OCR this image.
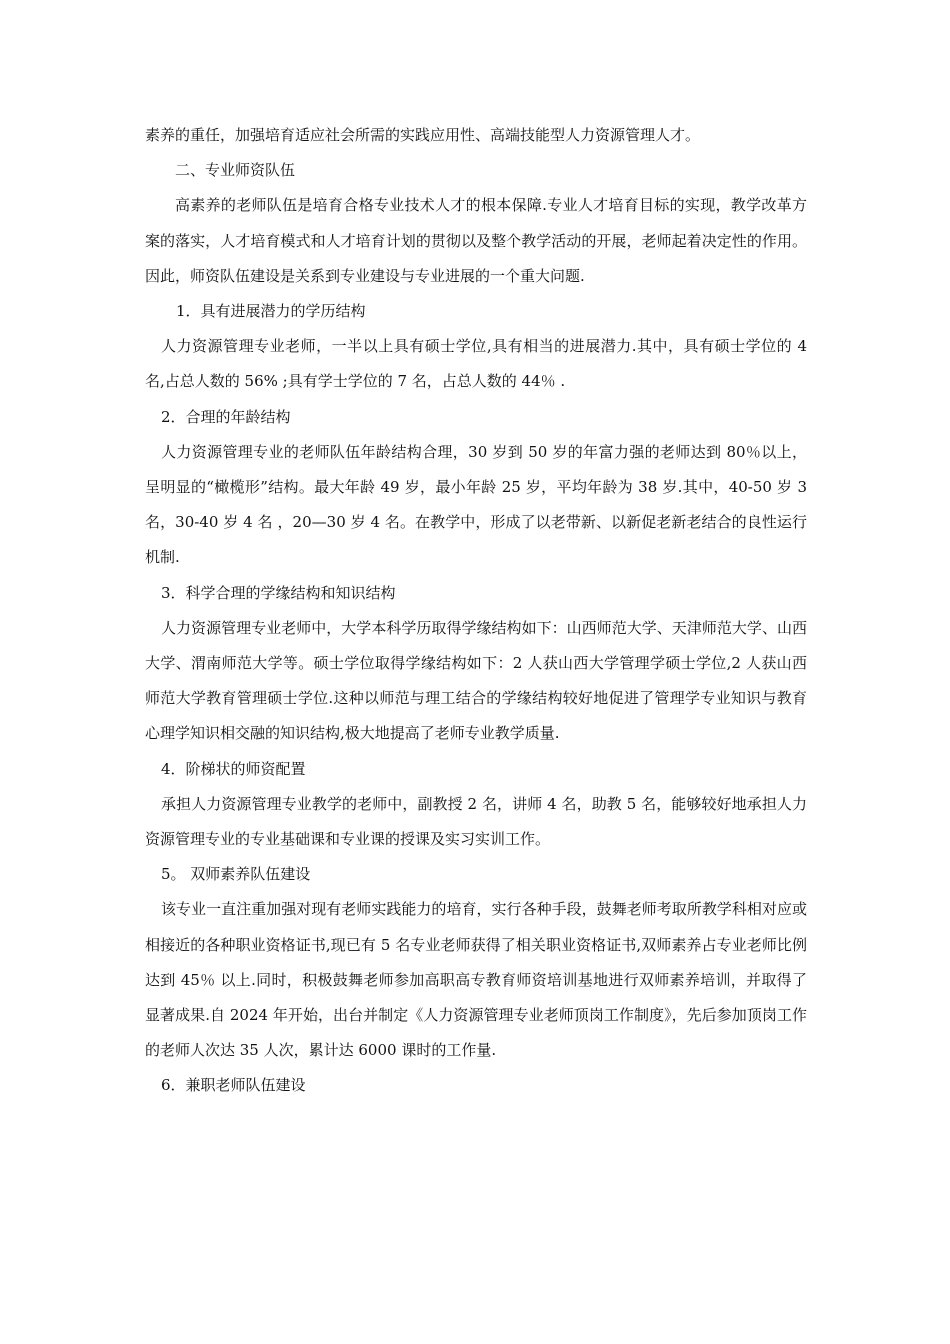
素养的重任，加强培育适应社会所需的实践应用性、高端技能型人力资源管理人才。

二、专业师资队伍

高素养的老师队伍是培育合格专业技术人才的根本保障.专业人才培育目标的实现，教学改革方案的落实，人才培育模式和人才培育计划的贯彻以及整个教学活动的开展，老师起着决定性的作用。因此，师资队伍建设是关系到专业建设与专业进展的一个重大问题.

1．具有进展潜力的学历结构

人力资源管理专业老师，一半以上具有硕士学位,具有相当的进展潜力.其中，具有硕士学位的 4 名,占总人数的 56% ;具有学士学位的 7 名，占总人数的 44％ .

2．合理的年龄结构

人力资源管理专业的老师队伍年龄结构合理，30 岁到 50 岁的年富力强的老师达到 80％以上，呈明显的“橄榄形”结构。最大年龄 49 岁，最小年龄 25 岁，平均年龄为 38 岁.其中，40-50 岁 3 名，30-40 岁 4 名 ，20—30 岁 4 名。在教学中，形成了以老带新、以新促老新老结合的良性运行机制.

3．科学合理的学缘结构和知识结构

人力资源管理专业老师中，大学本科学历取得学缘结构如下：山西师范大学、天津师范大学、山西大学、渭南师范大学等。硕士学位取得学缘结构如下：2 人获山西大学管理学硕士学位,2 人获山西师范大学教育管理硕士学位.这种以师范与理工结合的学缘结构较好地促进了管理学专业知识与教育心理学知识相交融的知识结构,极大地提高了老师专业教学质量.

4．阶梯状的师资配置

承担人力资源管理专业教学的老师中，副教授 2 名，讲师 4 名，助教 5 名，能够较好地承担人力资源管理专业的专业基础课和专业课的授课及实习实训工作。

5。 双师素养队伍建设

该专业一直注重加强对现有老师实践能力的培育，实行各种手段，鼓舞老师考取所教学科相对应或相接近的各种职业资格证书,现已有 5 名专业老师获得了相关职业资格证书,双师素养占专业老师比例达到 45％ 以上.同时，积极鼓舞老师参加高职高专教育师资培训基地进行双师素养培训，并取得了显著成果.自 2024 年开始，出台并制定《人力资源管理专业老师顶岗工作制度》，先后参加顶岗工作的老师人次达 35 人次，累计达 6000 课时的工作量.

6．兼职老师队伍建设
